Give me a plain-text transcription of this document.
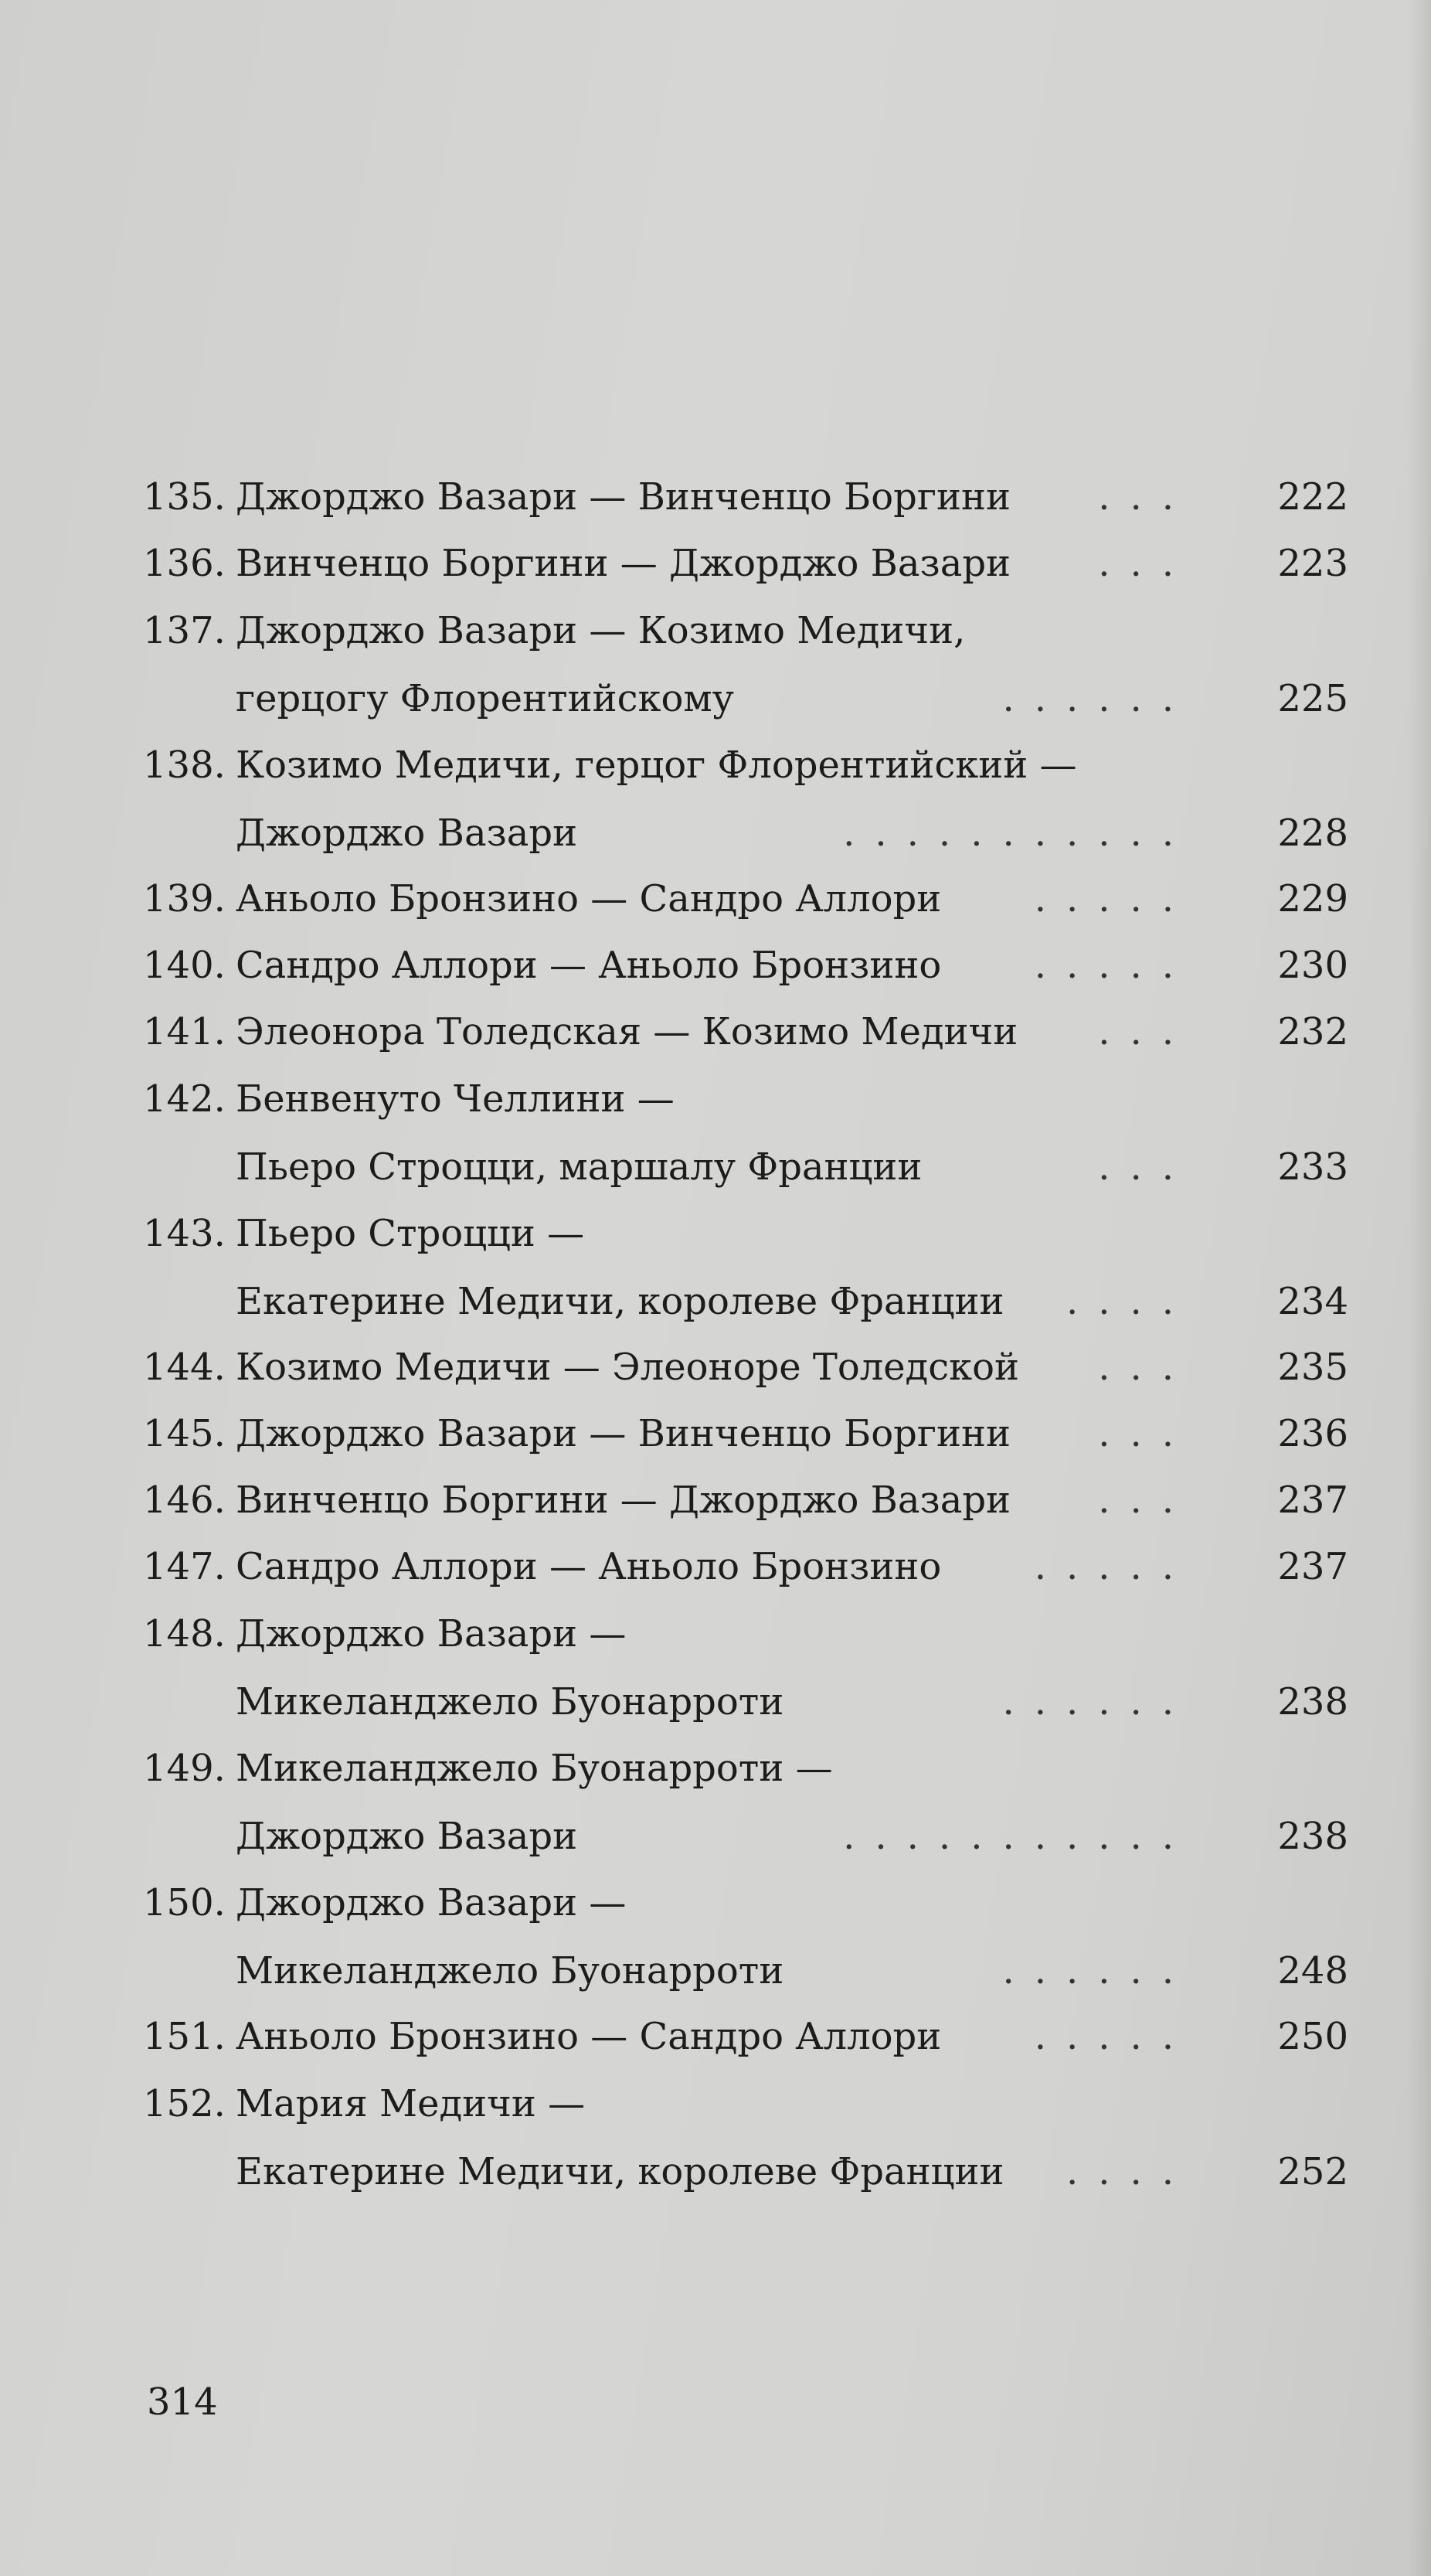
135. Джорджо Вазари — Винченцо Боргини ... 222
136. Винченцо Боргини — Джорджо Вазари ... 223
137. Джорджо Вазари — Козимо Медичи,
герцогу Флорентийскому	...... 225
138. Козимо Медичи, герцог Флорентийский —
Джорджо Вазари	........... 228
139. Аньоло Бронзино — Сандро Аллори	..... 229
140. Сандро Аллори — Аньоло Бронзино	..... 230
141. Элеонора Толедская — Козимо Медичи ... 232
142. Бенвенуто Челлини —
Пьеро Строцци, маршалу Франции	... 233
143. Пьеро Строцци —
Екатерине Медичи, королеве Франции .... 234
144. Козимо Медичи — Элеоноре Толедской ... 235
145. Джорджо Вазари — Винченцо Боргини ... 236
146. Винченцо Боргини — Джорджо Вазари ... 237
147. Сандро Аллори — Аньоло Бронзино	..... 237
148. Джорджо Вазари —
Микеланджело Буонарроти	...... 238
149. Микеланджело Буонарроти —
Джорджо Вазари	........... 238
150. Джорджо Вазари —
Микеланджело Буонарроти	...... 248
151. Аньоло Бронзино — Сандро Аллори	..... 250
152. Мария Медичи —
Екатерине Медичи, королеве Франции .... 252
314
